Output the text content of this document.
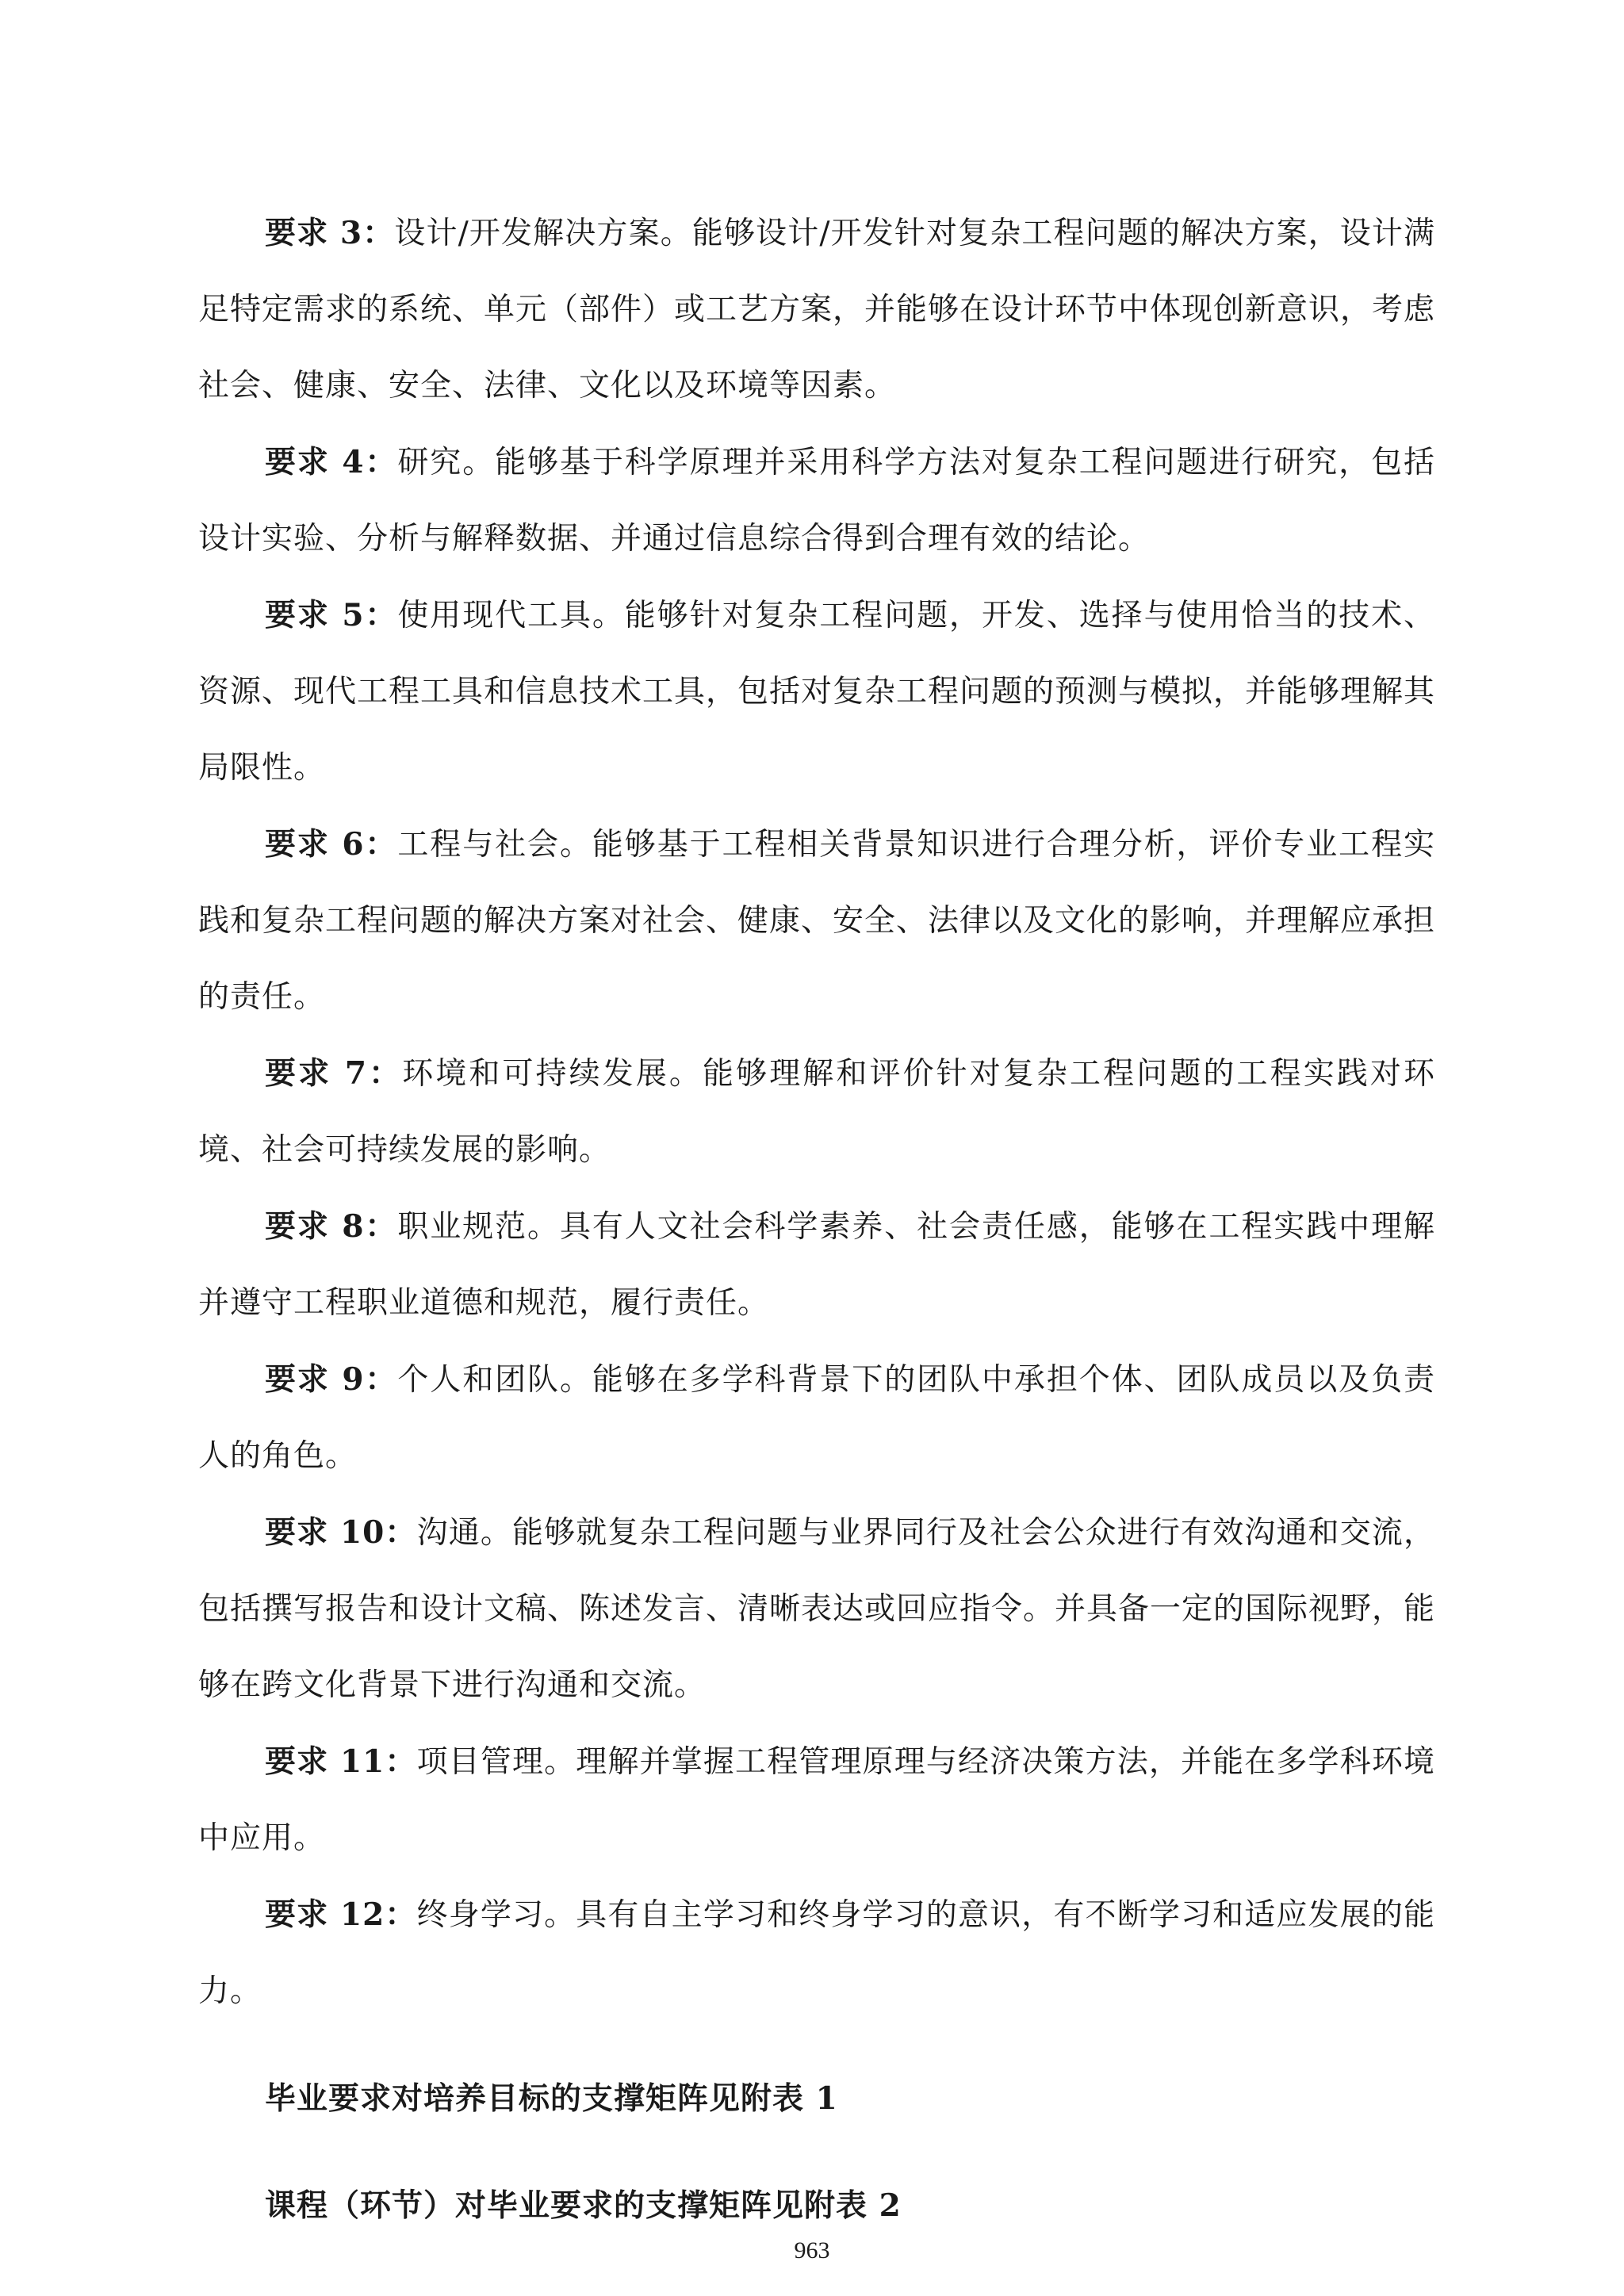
要求 3：设计/开发解决方案。能够设计/开发针对复杂工程问题的解决方案，设计满足特定需求的系统、单元（部件）或工艺方案，并能够在设计环节中体现创新意识，考虑社会、健康、安全、法律、文化以及环境等因素。

要求 4：研究。能够基于科学原理并采用科学方法对复杂工程问题进行研究，包括设计实验、分析与解释数据、并通过信息综合得到合理有效的结论。

要求 5：使用现代工具。能够针对复杂工程问题，开发、选择与使用恰当的技术、资源、现代工程工具和信息技术工具，包括对复杂工程问题的预测与模拟，并能够理解其局限性。

要求 6：工程与社会。能够基于工程相关背景知识进行合理分析，评价专业工程实践和复杂工程问题的解决方案对社会、健康、安全、法律以及文化的影响，并理解应承担的责任。

要求 7：环境和可持续发展。能够理解和评价针对复杂工程问题的工程实践对环境、社会可持续发展的影响。

要求 8：职业规范。具有人文社会科学素养、社会责任感，能够在工程实践中理解并遵守工程职业道德和规范，履行责任。

要求 9：个人和团队。能够在多学科背景下的团队中承担个体、团队成员以及负责人的角色。

要求 10：沟通。能够就复杂工程问题与业界同行及社会公众进行有效沟通和交流，包括撰写报告和设计文稿、陈述发言、清晰表达或回应指令。并具备一定的国际视野，能够在跨文化背景下进行沟通和交流。

要求 11：项目管理。理解并掌握工程管理原理与经济决策方法，并能在多学科环境中应用。

要求 12：终身学习。具有自主学习和终身学习的意识，有不断学习和适应发展的能力。

毕业要求对培养目标的支撑矩阵见附表 1

课程（环节）对毕业要求的支撑矩阵见附表 2

963
